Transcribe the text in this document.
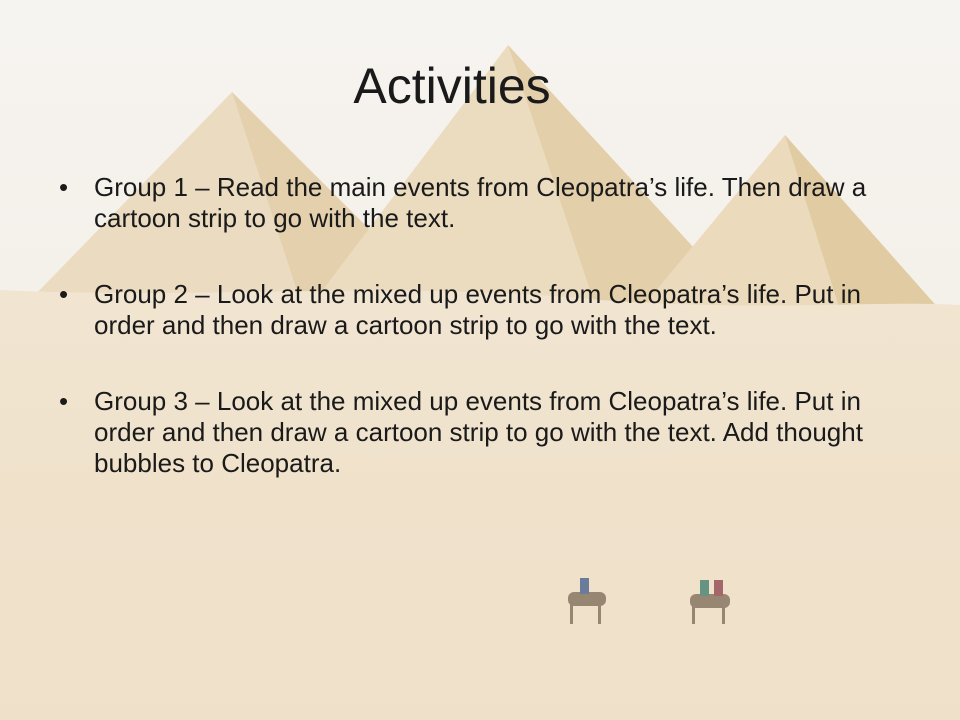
Activities
• Group 1 – Read the main events from Cleopatra’s life. Then draw a cartoon strip to go with the text.
• Group 2 – Look at the mixed up events from Cleopatra’s life. Put in order and then draw a cartoon strip to go with the text.
• Group 3 – Look at the mixed up events from Cleopatra’s life. Put in order and then draw a cartoon strip to go with the text. Add thought bubbles to Cleopatra.
